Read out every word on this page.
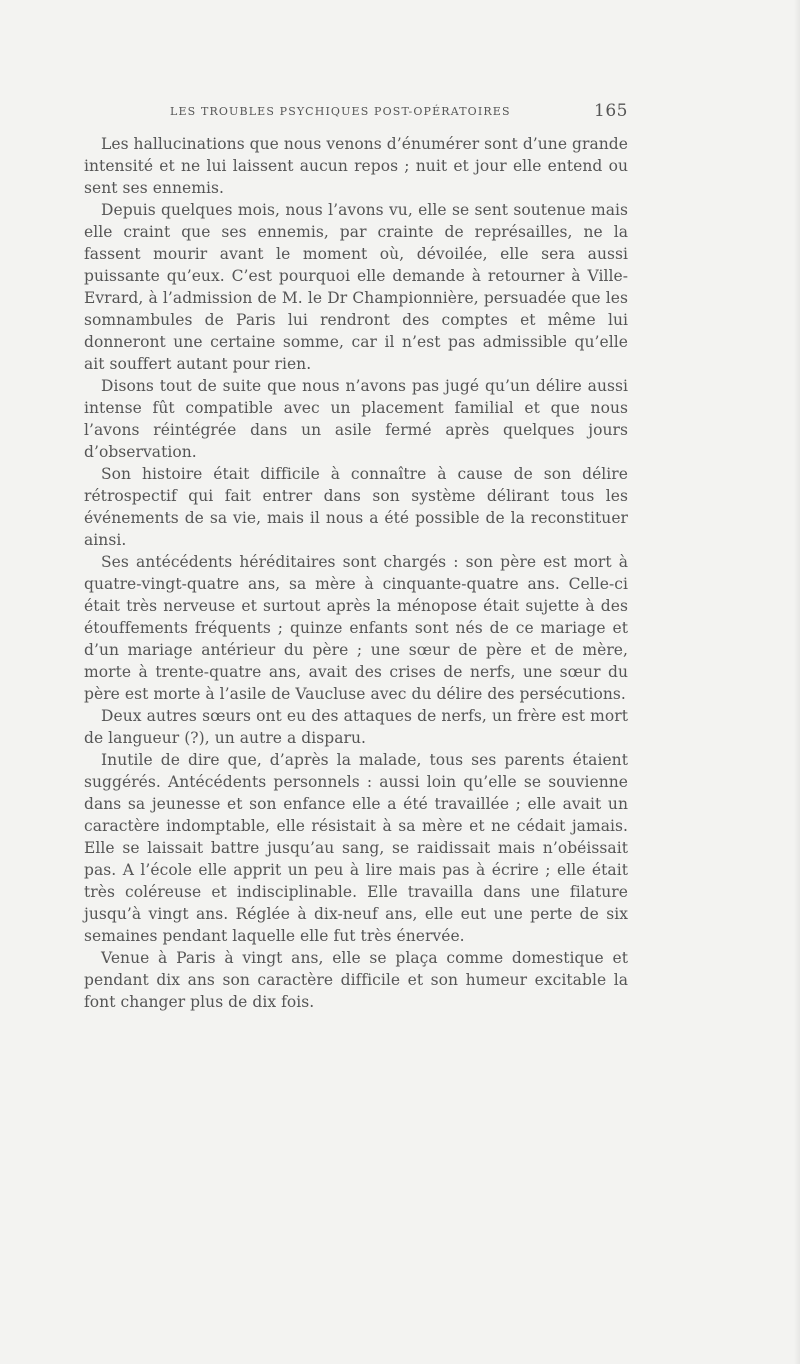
LES TROUBLES PSYCHIQUES POST-OPÉRATOIRES	165

Les hallucinations que nous venons d’énumérer sont d’une grande intensité et ne lui laissent aucun repos ; nuit et jour elle entend ou sent ses ennemis.

Depuis quelques mois, nous l’avons vu, elle se sent soutenue mais elle craint que ses ennemis, par crainte de représailles, ne la fassent mourir avant le moment où, dévoilée, elle sera aussi puissante qu’eux. C’est pourquoi elle demande à retourner à Ville-Evrard, à l’admission de M. le Dr Championnière, persuadée que les somnambules de Paris lui rendront des comptes et même lui donneront une certaine somme, car il n’est pas admissible qu’elle ait souffert autant pour rien.

Disons tout de suite que nous n’avons pas jugé qu’un délire aussi intense fût compatible avec un placement familial et que nous l’avons réintégrée dans un asile fermé après quelques jours d’observation.

Son histoire était difficile à connaître à cause de son délire rétrospectif qui fait entrer dans son système délirant tous les événements de sa vie, mais il nous a été possible de la reconstituer ainsi.

Ses antécédents héréditaires sont chargés : son père est mort à quatre-vingt-quatre ans, sa mère à cinquante-quatre ans. Celle-ci était très nerveuse et surtout après la ménopose était sujette à des étouffements fréquents ; quinze enfants sont nés de ce mariage et d’un mariage antérieur du père ; une sœur de père et de mère, morte à trente-quatre ans, avait des crises de nerfs, une sœur du père est morte à l’asile de Vaucluse avec du délire des persécutions.

Deux autres sœurs ont eu des attaques de nerfs, un frère est mort de langueur (?), un autre a disparu.

Inutile de dire que, d’après la malade, tous ses parents étaient suggérés. Antécédents personnels : aussi loin qu’elle se souvienne dans sa jeunesse et son enfance elle a été travaillée ; elle avait un caractère indomptable, elle résistait à sa mère et ne cédait jamais. Elle se laissait battre jusqu’au sang, se raidissait mais n’obéissait pas. A l’école elle apprit un peu à lire mais pas à écrire ; elle était très coléreuse et indisciplinable. Elle travailla dans une filature jusqu’à vingt ans. Réglée à dix-neuf ans, elle eut une perte de six semaines pendant laquelle elle fut très énervée.

Venue à Paris à vingt ans, elle se plaça comme domestique et pendant dix ans son caractère difficile et son humeur excitable la font changer plus de dix fois.
